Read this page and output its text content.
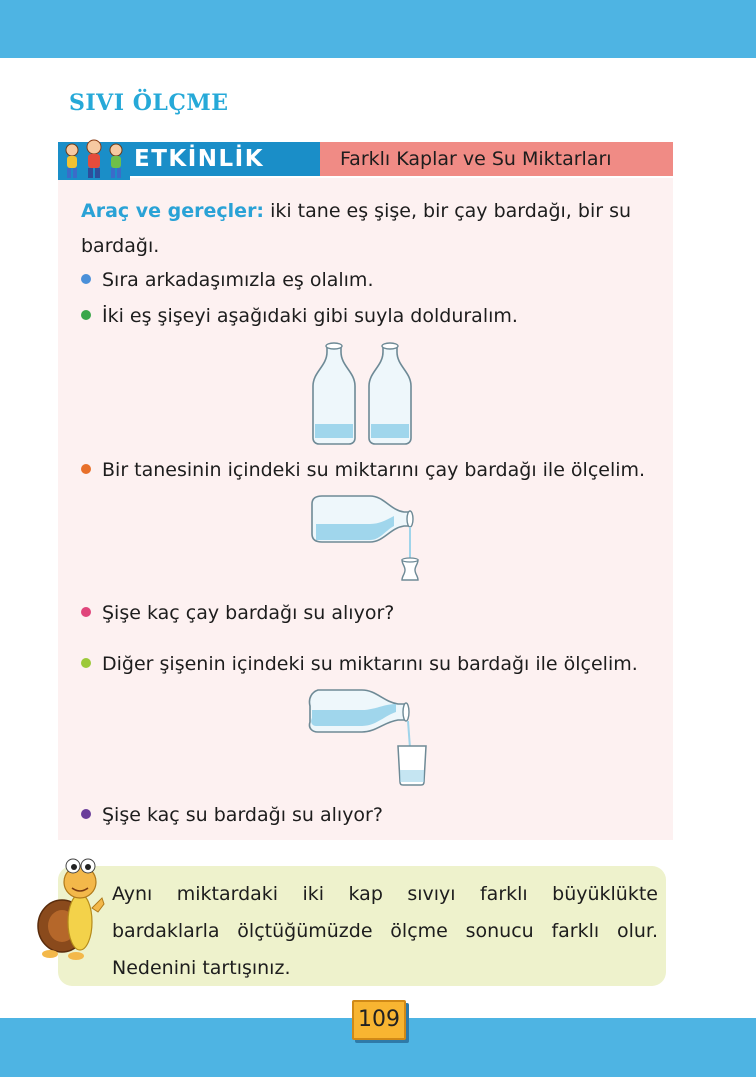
SIVI ÖLÇME
ETKİNLİK	Farklı Kaplar ve Su Miktarları
Araç ve gereçler: iki tane eş şişe, bir çay bardağı, bir su bardağı.
Sıra arkadaşımızla eş olalım.
İki eş şişeyi aşağıdaki gibi suyla dolduralım.
Bir tanesinin içindeki su miktarını çay bardağı ile ölçelim.
Şişe kaç çay bardağı su alıyor?
Diğer şişenin içindeki su miktarını su bardağı ile ölçelim.
Şişe kaç su bardağı su alıyor?
Aynı miktardaki iki kap sıvıyı farklı büyüklükte bardaklarla ölçtüğümüzde ölçme sonucu farklı olur. Nedenini tartışınız.
109
